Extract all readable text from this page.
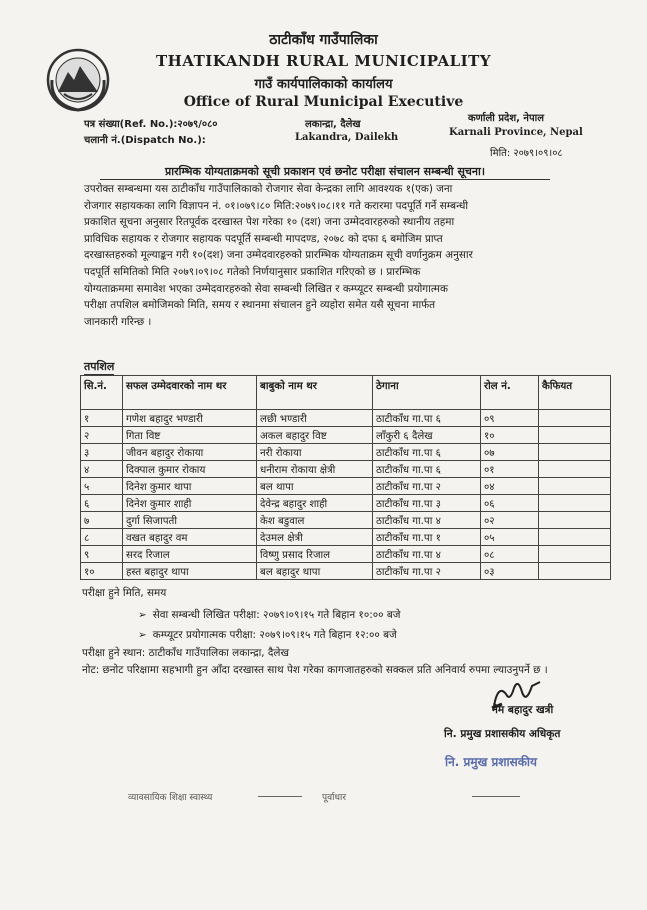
ठाटीकाँध गाउँपालिका
THATIKANDH RURAL MUNICIPALITY
गाउँ कार्यपालिकाको कार्यालय
Office of Rural Municipal Executive
पत्र संख्या(Ref. No.):२०७९/०८०
चलानी नं.(Dispatch No.):
लकान्द्रा, दैलेख
Lakandra, Dailekh
कर्णाली प्रदेश, नेपाल
Karnali Province, Nepal
मिति: २०७९।०९।०८
प्रारम्भिक योग्यताक्रमको सूची प्रकाशन एवं छनोट परीक्षा संचालन सम्बन्धी सूचना।

उपरोक्त सम्बन्धमा यस ठाटीकाँध गाउँपालिकाको रोजगार सेवा केन्द्रका लागि आवश्यक १(एक) जना

रोजगार सहायकका लागि विज्ञापन नं. ०१।०७९।८० मिति:२०७९।०८।११ गते करारमा पदपूर्ति गर्ने सम्बन्धी

प्रकाशित सूचना अनुसार रितपूर्वक दरखास्त पेश गरेका १० (दश) जना उम्मेदवारहरुको स्थानीय तहमा

प्राविधिक सहायक र रोजगार सहायक पदपूर्ति सम्बन्धी मापदण्ड, २०७८ को दफा ६ बमोजिम प्राप्त

दरखास्तहरुको मूल्याङ्कन गरी १०(दश) जना उम्मेदवारहरुको प्रारम्भिक योग्यताक्रम सूची वर्णानुक्रम अनुसार

पदपूर्ति समितिको मिति २०७९।०९।०८ गतेको निर्णयानुसार प्रकाशित गरिएको छ । प्रारम्भिक

योग्यताक्रममा समावेश भएका उम्मेदवारहरुको सेवा सम्बन्धी लिखित र कम्प्यूटर सम्बन्धी प्रयोगात्मक

परीक्षा तपशिल बमोजिमको मिति, समय र स्थानमा संचालन हुने व्यहोरा समेत यसै सूचना मार्फत

जानकारी गरिन्छ ।

तपशिल
सि.नं.	सफल उम्मेदवारको नाम थर	बाबुको नाम थर	ठेगाना	रोल नं.	कैफियत
१	गणेश बहादुर भण्डारी	लछी भण्डारी	ठाटीकाँध गा.पा ६	०९	
२	गिता विष्ट	अकल बहादुर विष्ट	लाँकुरी ६ दैलेख	१०	
३	जीवन बहादुर रोकाया	नरी रोकाया	ठाटीकाँध गा.पा ६	०७	
४	दिक्पाल कुमार रोकाय	धनीराम रोकाया क्षेत्री	ठाटीकाँध गा.पा ६	०१	
५	दिनेश कुमार थापा	बल थापा	ठाटीकाँध गा.पा २	०४	
६	दिनेश कुमार शाही	देवेन्द्र बहादुर शाही	ठाटीकाँध गा.पा ३	०६	
७	दुर्गा सिजापती	केश बडुवाल	ठाटीकाँध गा.पा ४	०२	
८	वखत बहादुर वम	देउमल क्षेत्री	ठाटीकाँध गा.पा १	०५	
९	सरद रिजाल	विष्णु प्रसाद रिजाल	ठाटीकाँध गा.पा ४	०८	
१०	हस्त बहादुर थापा	बल बहादुर थापा	ठाटीकाँध गा.पा २	०३	
परीक्षा हुने मिति, समय
➢ सेवा सम्बन्धी लिखित परीक्षा: २०७९।०९।१५ गते बिहान १०:०० बजे
➢ कम्प्यूटर प्रयोगात्मक परीक्षा: २०७९।०९।१५ गते बिहान १२:०० बजे
परीक्षा हुने स्थान: ठाटीकाँध गाउँपालिका लकान्द्रा, दैलेख
नोट: छनोट परिक्षामा सहभागी हुन आँदा दरखास्त साथ पेश गरेका कागजातहरुको सक्कल प्रति अनिवार्य रुपमा ल्याउनुपर्ने छ ।
नेम बहादुर खत्री
नि. प्रमुख प्रशासकीय अधिकृत
नि. प्रमुख प्रशासकीय
व्यावसायिक शिक्षा स्वास्थ्य	पूर्वाधार
